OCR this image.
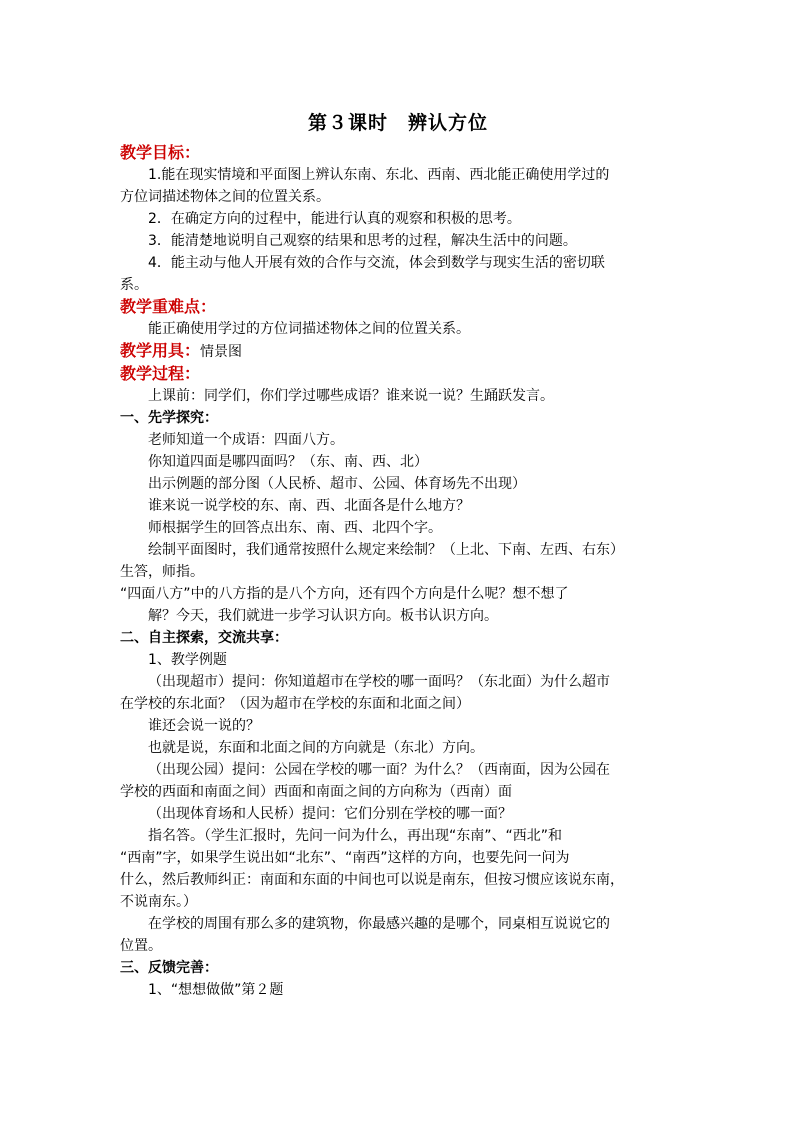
第３课时　辨认方位
教学目标：
1.能在现实情境和平面图上辨认东南、东北、西南、西北能正确使用学过的
方位词描述物体之间的位置关系。
2．在确定方向的过程中，能进行认真的观察和积极的思考。
3．能清楚地说明自己观察的结果和思考的过程，解决生活中的问题。
4．能主动与他人开展有效的合作与交流，体会到数学与现实生活的密切联
系。
教学重难点：
能正确使用学过的方位词描述物体之间的位置关系。
教学用具：情景图
教学过程：
上课前：同学们，你们学过哪些成语？谁来说一说？生踊跃发言。
一、先学探究：
老师知道一个成语：四面八方。
你知道四面是哪四面吗？（东、南、西、北）
出示例题的部分图（人民桥、超市、公园、体育场先不出现）
谁来说一说学校的东、南、西、北面各是什么地方？
师根据学生的回答点出东、南、西、北四个字。
绘制平面图时，我们通常按照什么规定来绘制？（上北、下南、左西、右东）
生答，师指。
“四面八方”中的八方指的是八个方向，还有四个方向是什么呢？想不想了
解？今天，我们就进一步学习认识方向。板书认识方向。
二、自主探索，交流共享：
1、教学例题
（出现超市）提问：你知道超市在学校的哪一面吗？（东北面）为什么超市
在学校的东北面？（因为超市在学校的东面和北面之间）
谁还会说一说的？
也就是说，东面和北面之间的方向就是（东北）方向。
（出现公园）提问：公园在学校的哪一面？为什么？（西南面，因为公园在
学校的西面和南面之间）西面和南面之间的方向称为（西南）面
（出现体育场和人民桥）提问：它们分别在学校的哪一面？
指名答。（学生汇报时，先问一问为什么，再出现“东南”、“西北”和
“西南”字，如果学生说出如“北东”、“南西”这样的方向，也要先问一问为
什么，然后教师纠正：南面和东面的中间也可以说是南东，但按习惯应该说东南，
不说南东。）
在学校的周围有那么多的建筑物，你最感兴趣的是哪个，同桌相互说说它的
位置。
三、反馈完善：
1、“想想做做”第２题
